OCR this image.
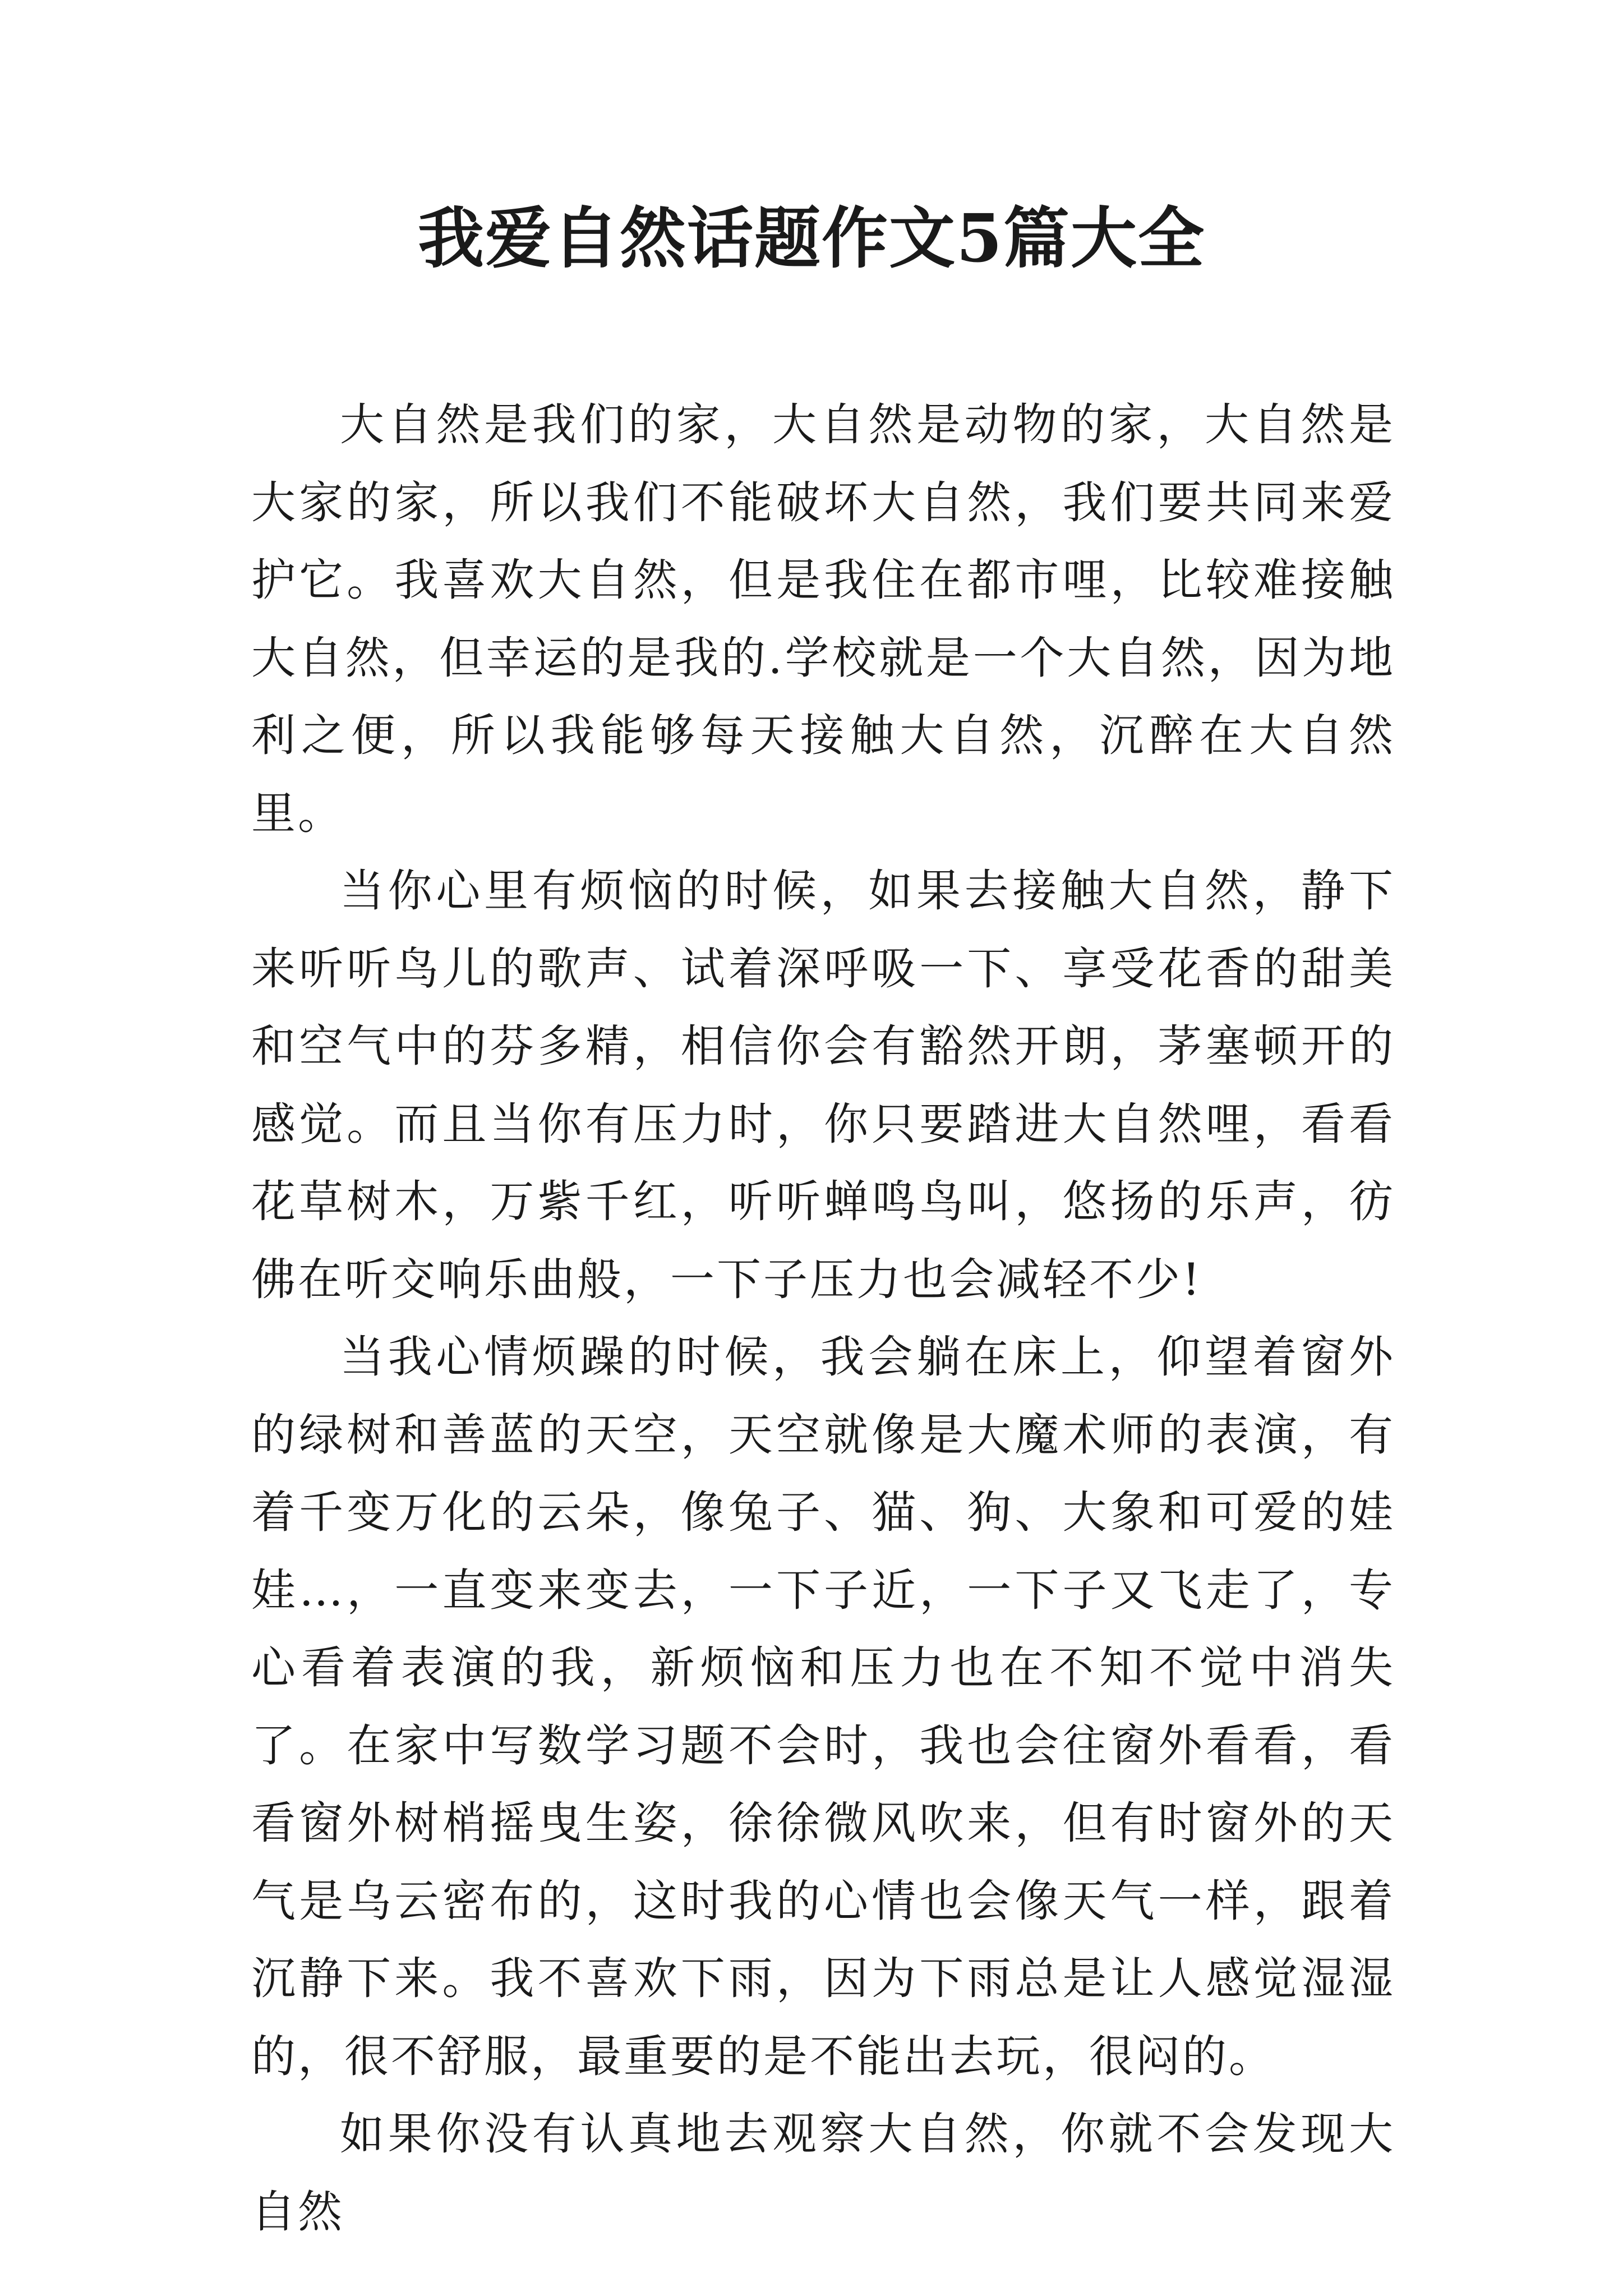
我爱自然话题作文5篇大全

大自然是我们的家，大自然是动物的家，大自然是大家的家，所以我们不能破坏大自然，我们要共同来爱护它。我喜欢大自然，但是我住在都市哩，比较难接触大自然，但幸运的是我的.学校就是一个大自然，因为地利之便，所以我能够每天接触大自然，沉醉在大自然里。

当你心里有烦恼的时候，如果去接触大自然，静下来听听鸟儿的歌声、试着深呼吸一下、享受花香的甜美和空气中的芬多精，相信你会有豁然开朗，茅塞顿开的感觉。而且当你有压力时，你只要踏进大自然哩，看看花草树木，万紫千红，听听蝉鸣鸟叫，悠扬的乐声，彷佛在听交响乐曲般，一下子压力也会减轻不少!

当我心情烦躁的时候，我会躺在床上，仰望着窗外的绿树和善蓝的天空，天空就像是大魔术师的表演，有着千变万化的云朵，像兔子、猫、狗、大象和可爱的娃娃…，一直变来变去，一下子近，一下子又飞走了，专心看着表演的我，新烦恼和压力也在不知不觉中消失了。在家中写数学习题不会时，我也会往窗外看看，看看窗外树梢摇曳生姿，徐徐微风吹来，但有时窗外的天气是乌云密布的，这时我的心情也会像天气一样，跟着沉静下来。我不喜欢下雨，因为下雨总是让人感觉湿湿的，很不舒服，最重要的是不能出去玩，很闷的。

如果你没有认真地去观察大自然，你就不会发现大自然
